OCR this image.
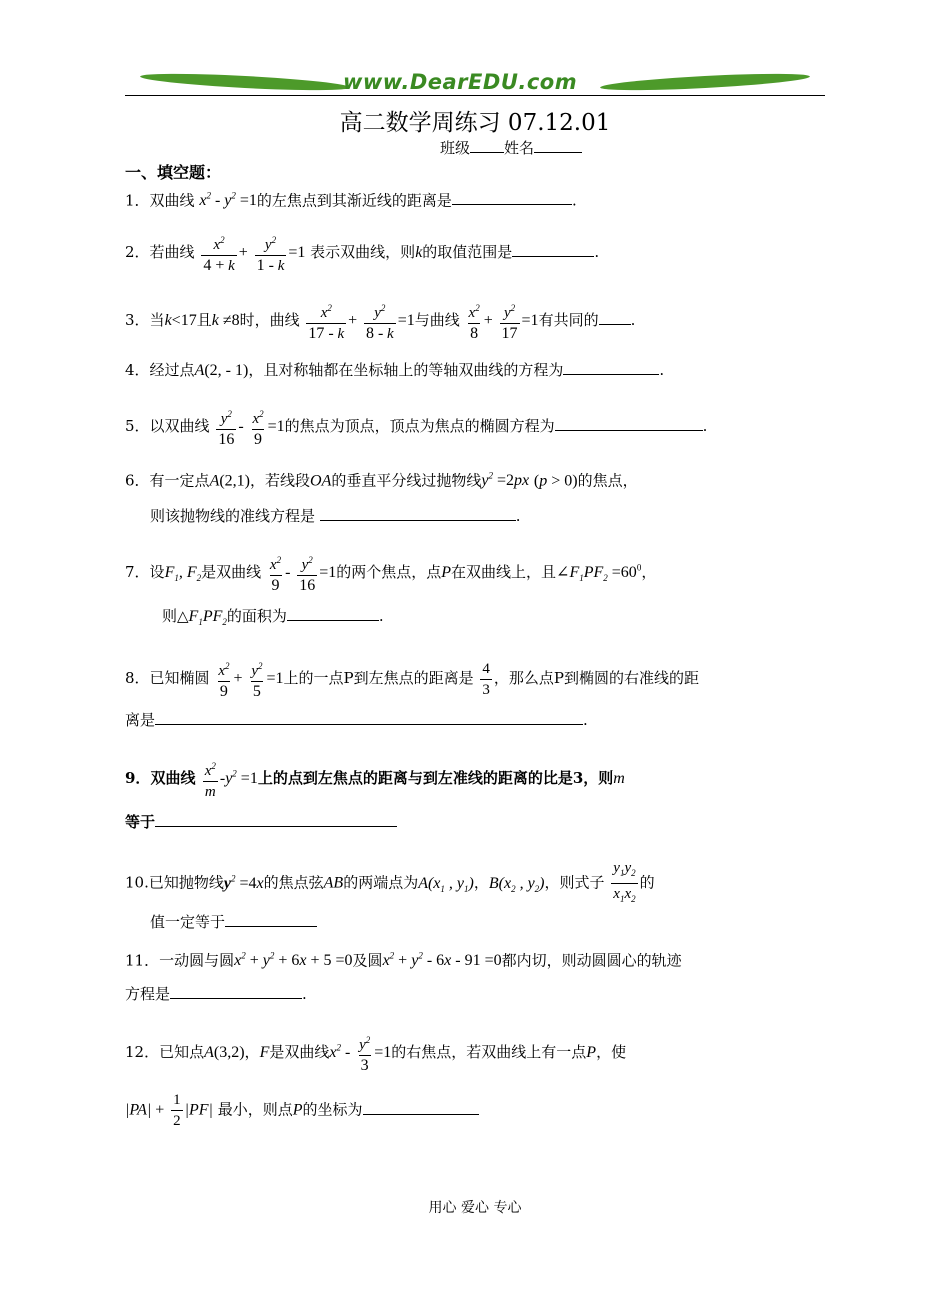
www.DearEDU.com
高二数学周练习 07.12.01
班级 姓名
一、填空题：
1．双曲线 $x^2 - y^2 =1$的左焦点到其渐近线的距离是	.
2．若曲线 $\frac{x^2}{4 + k} + \frac{y^2}{1 - k} =1$ 表示双曲线，则k的取值范围是	.
3．当k<17且k ≠8时，曲线 $\frac{x^2}{17 - k} + \frac{y^2}{8 - k} =1$与曲线 $\frac{x^2}{8} + \frac{y^2}{17} =1$有共同的 .
4．经过点A(2, - 1)，且对称轴都在坐标轴上的等轴双曲线的方程为	.
5．以双曲线 $\frac{y^2}{16} - \frac{x^2}{9} =1$的焦点为顶点，顶点为焦点的椭圆方程为	.
6．有一定点A(2,1)，若线段OA的垂直平分线过抛物线$y^2 =2px$ (p > 0)的焦点，
则该抛物线的准线方程是	.
7．设$F_1$, $F_2$是双曲线 $\frac{x^2}{9} - \frac{y^2}{16} =1$的两个焦点，点P在双曲线上，且$\angle F_1PF_2 =60^0$，
则$\triangle F_1PF_2$的面积为	.
8．已知椭圆 $\frac{x^2}{9} + \frac{y^2}{5} =1$上的一点P到左焦点的距离是 $\frac{4}{3}$ ，那么点P到椭圆的右准线的距
离是	.
9．双曲线 $\frac{x^2}{m} -y^2 =1$上的点到左焦点的距离与到左准线的距离的比是3，则m
等于
10.已知抛物线$y^2 =4x$的焦点弦AB的两端点为$A(x_1$ , $y_1$)，$B(x_2$ , $y_2$)，则式子 $\frac{y_1y_2}{x_1x_2}$ 的
值一定等于
11．一动圆与圆$x^2 + y^2 + 6x + 5 =0$及圆$x^2 + y^2 - 6x - 91 =0$都内切，则动圆圆心的轨迹
方程是	.
12．已知点A(3,2)，F是双曲线$x^2 - \frac{y^2}{3} =1$的右焦点，若双曲线上有一点P，使
$|PA| + \frac{1}{2} |PF|$ 最小，则点P的坐标为
用心 爱心 专心
